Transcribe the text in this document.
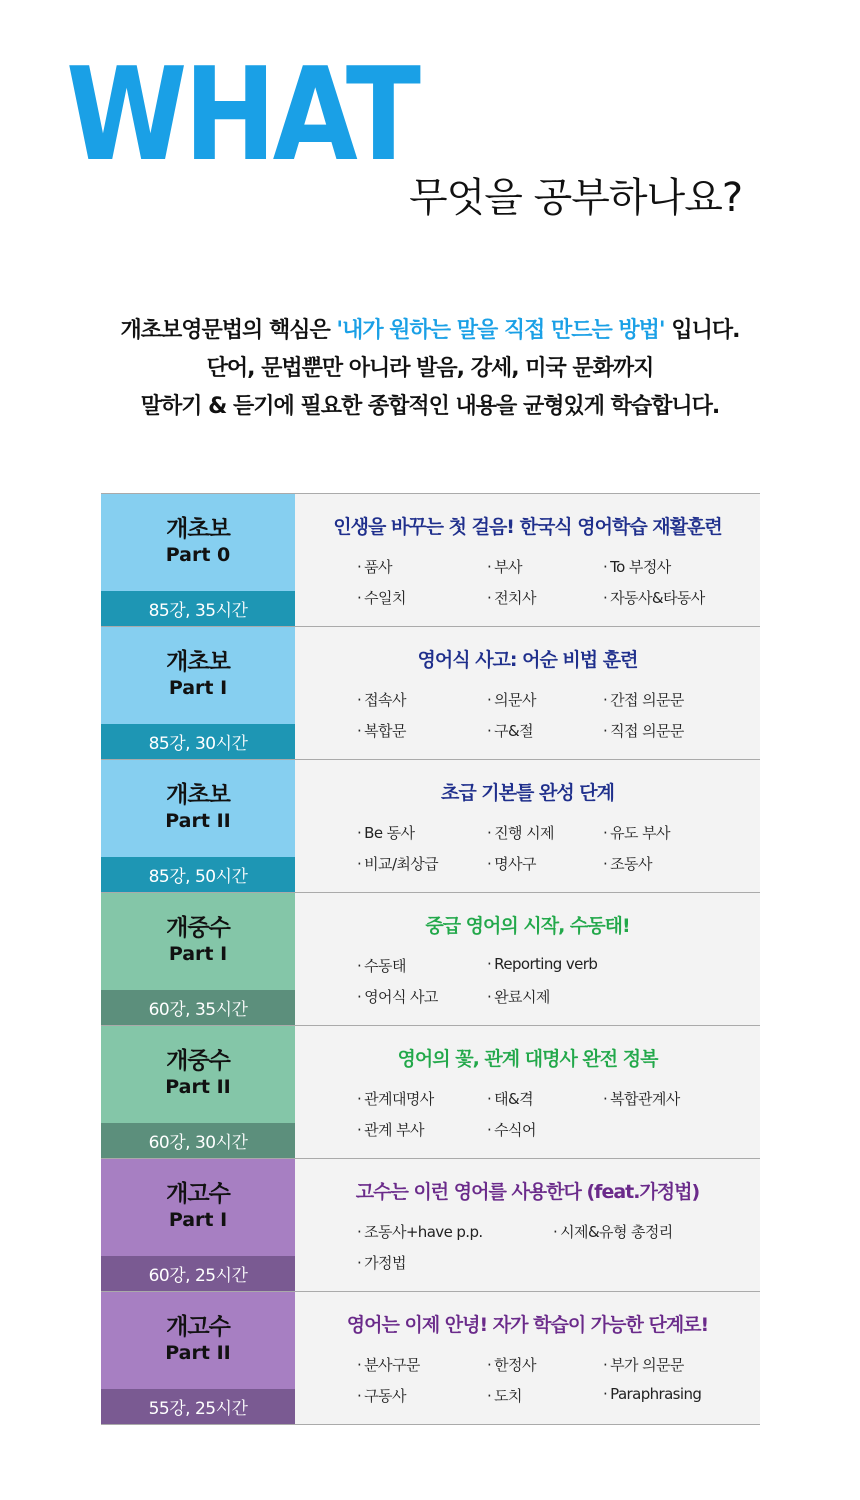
WHAT
무엇을 공부하나요?
개초보영문법의 핵심은 '내가 원하는 말을 직접 만드는 방법' 입니다.
단어, 문법뿐만 아니라 발음, 강세, 미국 문화까지
말하기 & 듣기에 필요한 종합적인 내용을 균형있게 학습합니다.
개초보
Part 0
85강, 35시간
인생을 바꾸는 첫 걸음! 한국식 영어학습 재활훈련
· 품사	· 부사	· To 부정사
· 수일치	· 전치사	· 자동사&타동사
개초보
Part I
85강, 30시간
영어식 사고: 어순 비법 훈련
· 접속사	· 의문사	· 간접 의문문
· 복합문	· 구&절	· 직접 의문문
개초보
Part II
85강, 50시간
초급 기본틀 완성 단계
· Be 동사	· 진행 시제	· 유도 부사
· 비교/최상급	· 명사구	· 조동사
개중수
Part I
60강, 35시간
중급 영어의 시작, 수동태!
· 수동태	· Reporting verb
· 영어식 사고	· 완료시제
개중수
Part II
60강, 30시간
영어의 꽃, 관계 대명사 완전 정복
· 관계대명사	· 태&격	· 복합관계사
· 관계 부사	· 수식어
개고수
Part I
60강, 25시간
고수는 이런 영어를 사용한다 (feat.가정법)
· 조동사+have p.p.	· 시제&유형 총정리
· 가정법
개고수
Part II
55강, 25시간
영어는 이제 안녕! 자가 학습이 가능한 단계로!
· 분사구문	· 한정사	· 부가 의문문
· 구동사	· 도치	· Paraphrasing
